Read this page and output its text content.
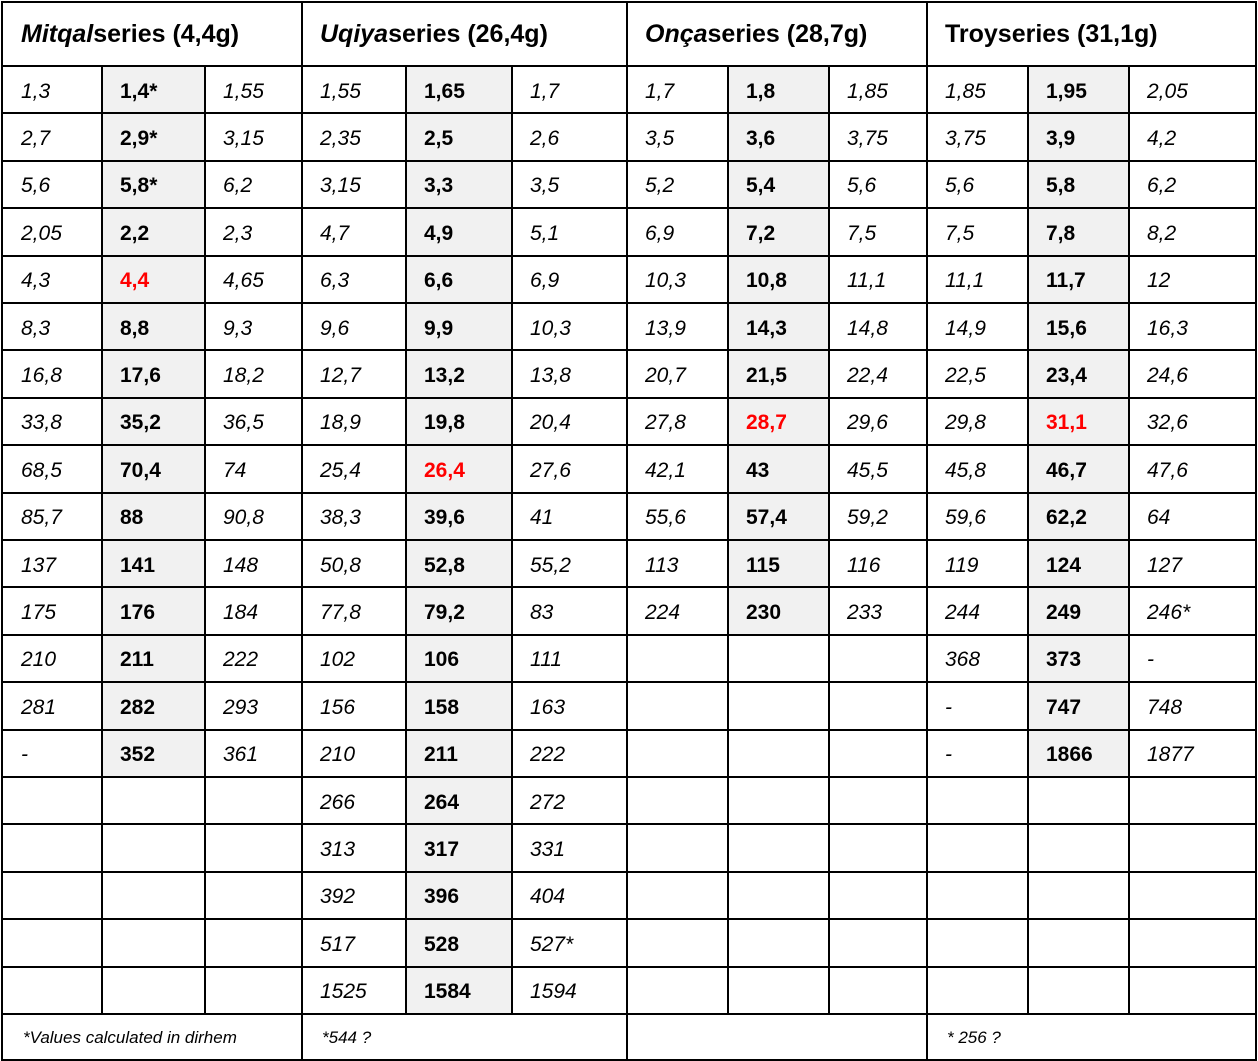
Mitqal series (4,4g)
1,3	1,4*	1,55
2,7	2,9*	3,15
5,6	5,8*	6,2
2,05	2,2	2,3
4,3	4,4	4,65
8,3	8,8	9,3
16,8	17,6	18,2
33,8	35,2	36,5
68,5	70,4	74
85,7	88	90,8
137	141	148
175	176	184
210	211	222
281	282	293
-	352	361
*Values calculated in dirhem
Uqiya series (26,4g)
1,55	1,65	1,7
2,35	2,5	2,6
3,15	3,3	3,5
4,7	4,9	5,1
6,3	6,6	6,9
9,6	9,9	10,3
12,7	13,2	13,8
18,9	19,8	20,4
25,4	26,4	27,6
38,3	39,6	41
50,8	52,8	55,2
77,8	79,2	83
102	106	111
156	158	163
210	211	222
266	264	272
313	317	331
392	396	404
517	528	527*
1525	1584	1594
*544 ?
Onça series (28,7g)
1,7	1,8	1,85
3,5	3,6	3,75
5,2	5,4	5,6
6,9	7,2	7,5
10,3	10,8	11,1
13,9	14,3	14,8
20,7	21,5	22,4
27,8	28,7	29,6
42,1	43	45,5
55,6	57,4	59,2
113	115	116
224	230	233
Troy series (31,1g)
1,85	1,95	2,05
3,75	3,9	4,2
5,6	5,8	6,2
7,5	7,8	8,2
11,1	11,7	12
14,9	15,6	16,3
22,5	23,4	24,6
29,8	31,1	32,6
45,8	46,7	47,6
59,6	62,2	64
119	124	127
244	249	246*
368	373	-
-	747	748
-	1866	1877
* 256 ?
